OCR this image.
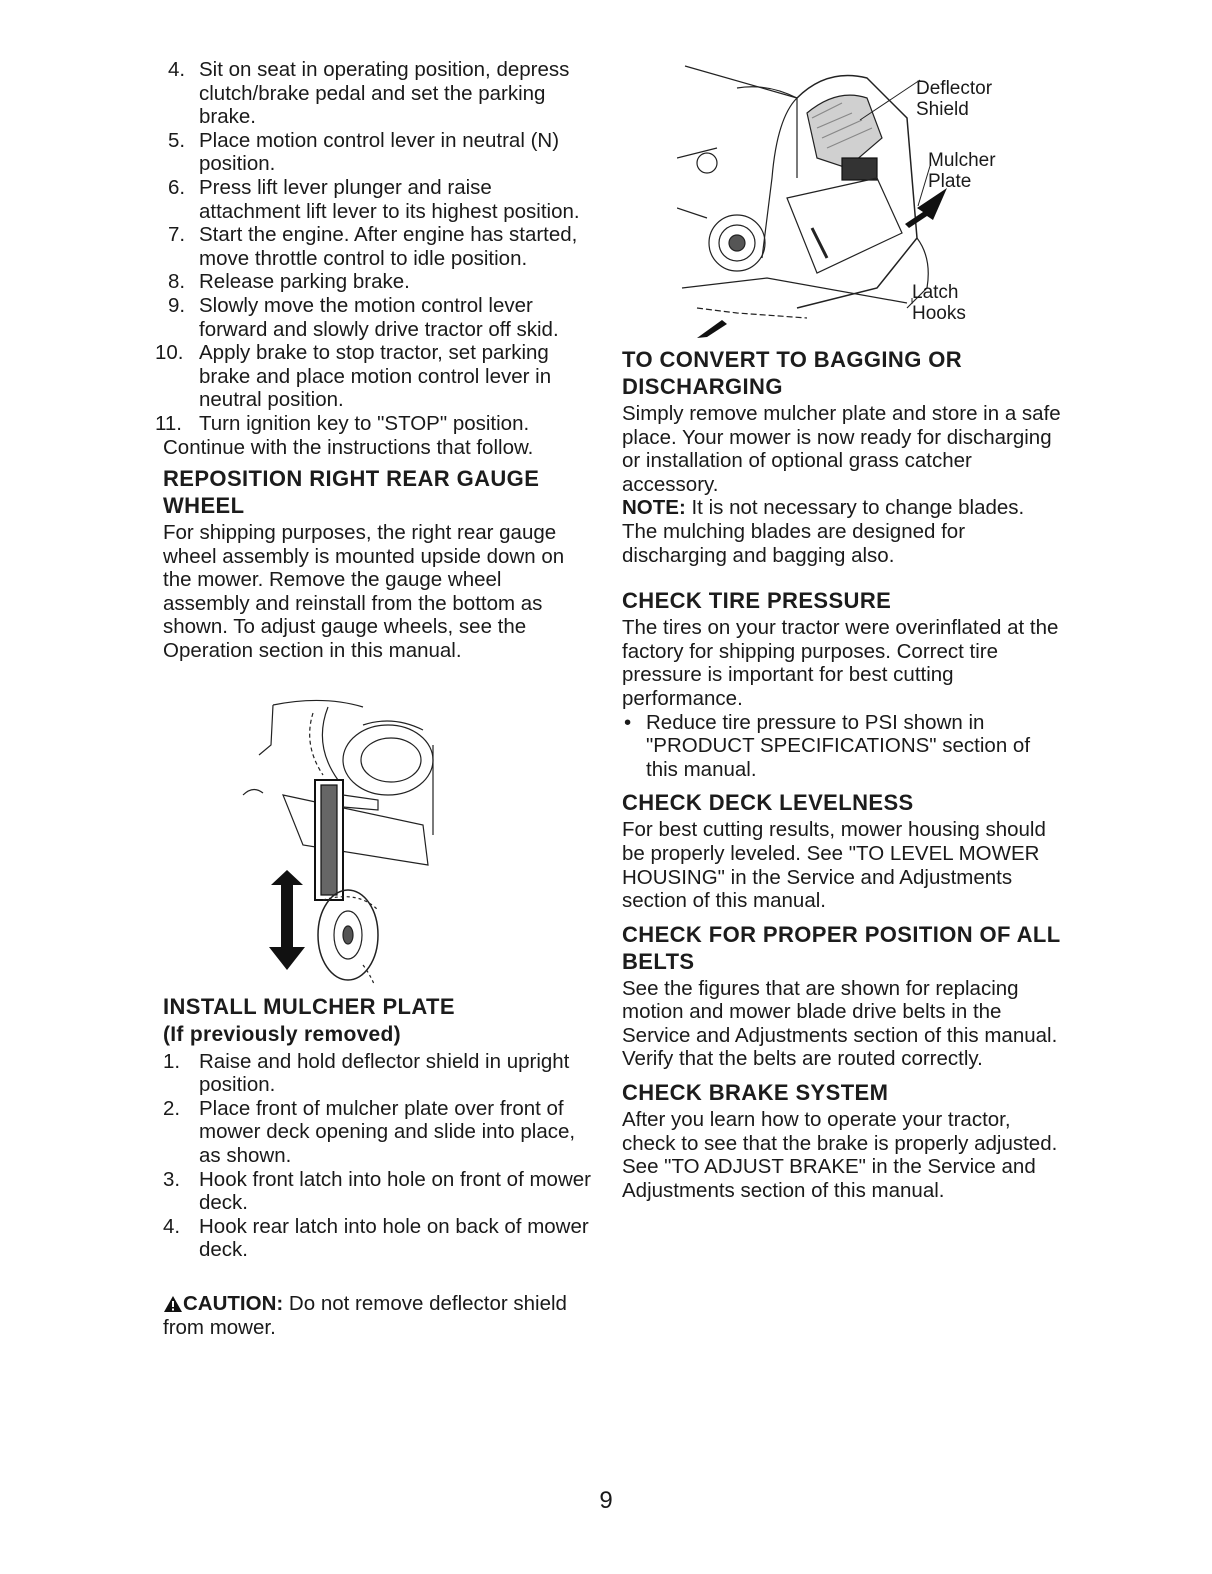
4. Sit on seat in operating position, depress clutch/brake pedal and set the parking brake.
5. Place motion control lever in neutral (N) position.
6. Press lift lever plunger and raise attachment lift lever to its highest position.
7. Start the engine. After engine has started, move throttle control to idle position.
8. Release parking brake.
9. Slowly move the motion control lever forward and slowly drive tractor off skid.
10. Apply brake to stop tractor, set parking brake and place motion control lever in neutral position.
11. Turn ignition key to "STOP" position.

Continue with the instructions that follow.

REPOSITION RIGHT REAR GAUGE WHEEL

For shipping purposes, the right rear gauge wheel assembly is mounted upside down on the mower. Remove the gauge wheel assembly and reinstall from the bottom as shown. To adjust gauge wheels, see the Operation section in this manual.

INSTALL MULCHER PLATE
(If previously removed)
1. Raise and hold deflector shield in upright position.
2. Place front of mulcher plate over front of mower deck opening and slide into place, as shown.
3. Hook front latch into hole on front of mower deck.
4. Hook rear latch into hole on back of mower deck.

CAUTION: Do not remove deflector shield from mower.

Deflector Shield
Mulcher Plate
Latch Hooks
TO CONVERT TO BAGGING OR DISCHARGING

Simply remove mulcher plate and store in a safe place. Your mower is now ready for discharging or installation of optional grass catcher accessory.

NOTE: It is not necessary to change blades. The mulching blades are designed for discharging and bagging also.

CHECK TIRE PRESSURE

The tires on your tractor were overinflated at the factory for shipping purposes. Correct tire pressure is important for best cutting performance.

• Reduce tire pressure to PSI shown in "PRODUCT SPECIFICATIONS" section of this manual.

CHECK DECK LEVELNESS

For best cutting results, mower housing should be properly leveled. See "TO LEVEL MOWER HOUSING" in the Service and Adjustments section of this manual.

CHECK FOR PROPER POSITION OF ALL BELTS

See the figures that are shown for replacing motion and mower blade drive belts in the Service and Adjustments section of this manual. Verify that the belts are routed correctly.

CHECK BRAKE SYSTEM

After you learn how to operate your tractor, check to see that the brake is properly adjusted. See "TO ADJUST BRAKE" in the Service and Adjustments section of this manual.

9
